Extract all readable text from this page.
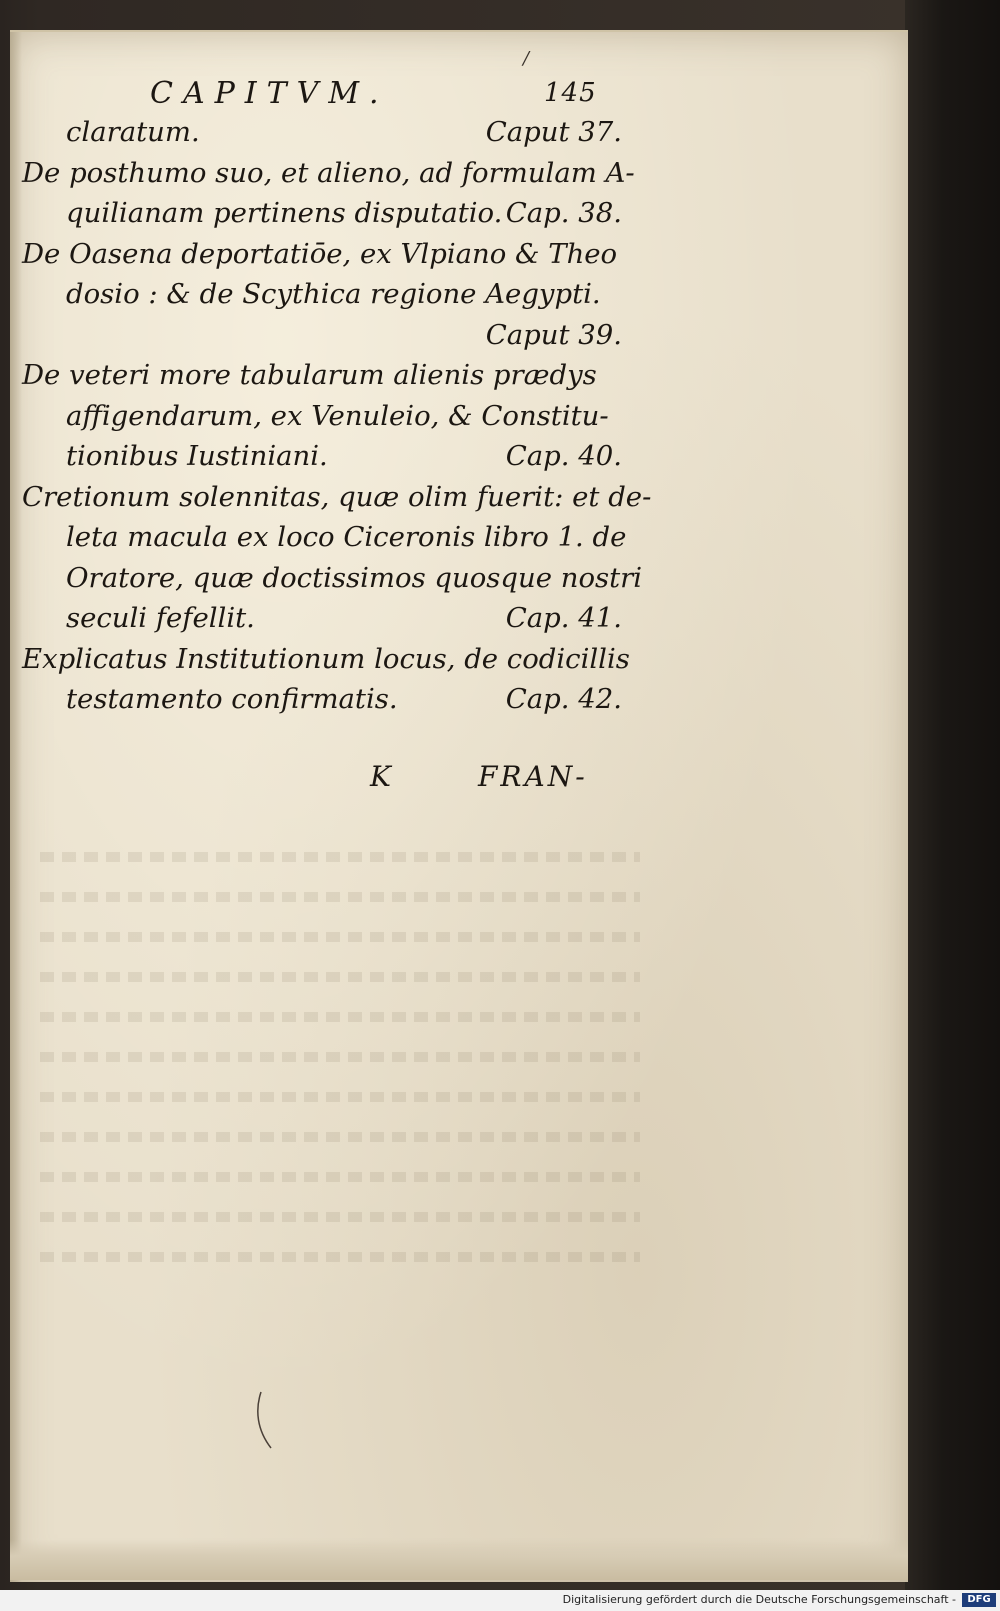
CAPITVM.	145
/
claratum.	Caput 37.
De posthumo suo, et alieno, ad formulam A-
quilianam pertinens disputatio. Cap. 38.
De Oasena deportatiōe, ex Vlpiano & Theo
dosio : & de Scythica regione Aegypti.
Caput 39.
De veteri more tabularum alienis prædys
affigendarum, ex Venuleio, & Constitu-
tionibus Iustiniani.	Cap. 40.
Cretionum solennitas, quæ olim fuerit: et de-
leta macula ex loco Ciceronis libro 1. de
Oratore, quæ doctissimos quosque nostri
seculi fefellit.	Cap. 41.
Explicatus Institutionum locus, de codicillis
testamento confirmatis.	Cap. 42.
K	FRAN-
Digitalisierung gefördert durch die Deutsche Forschungsgemeinschaft -	DFG
